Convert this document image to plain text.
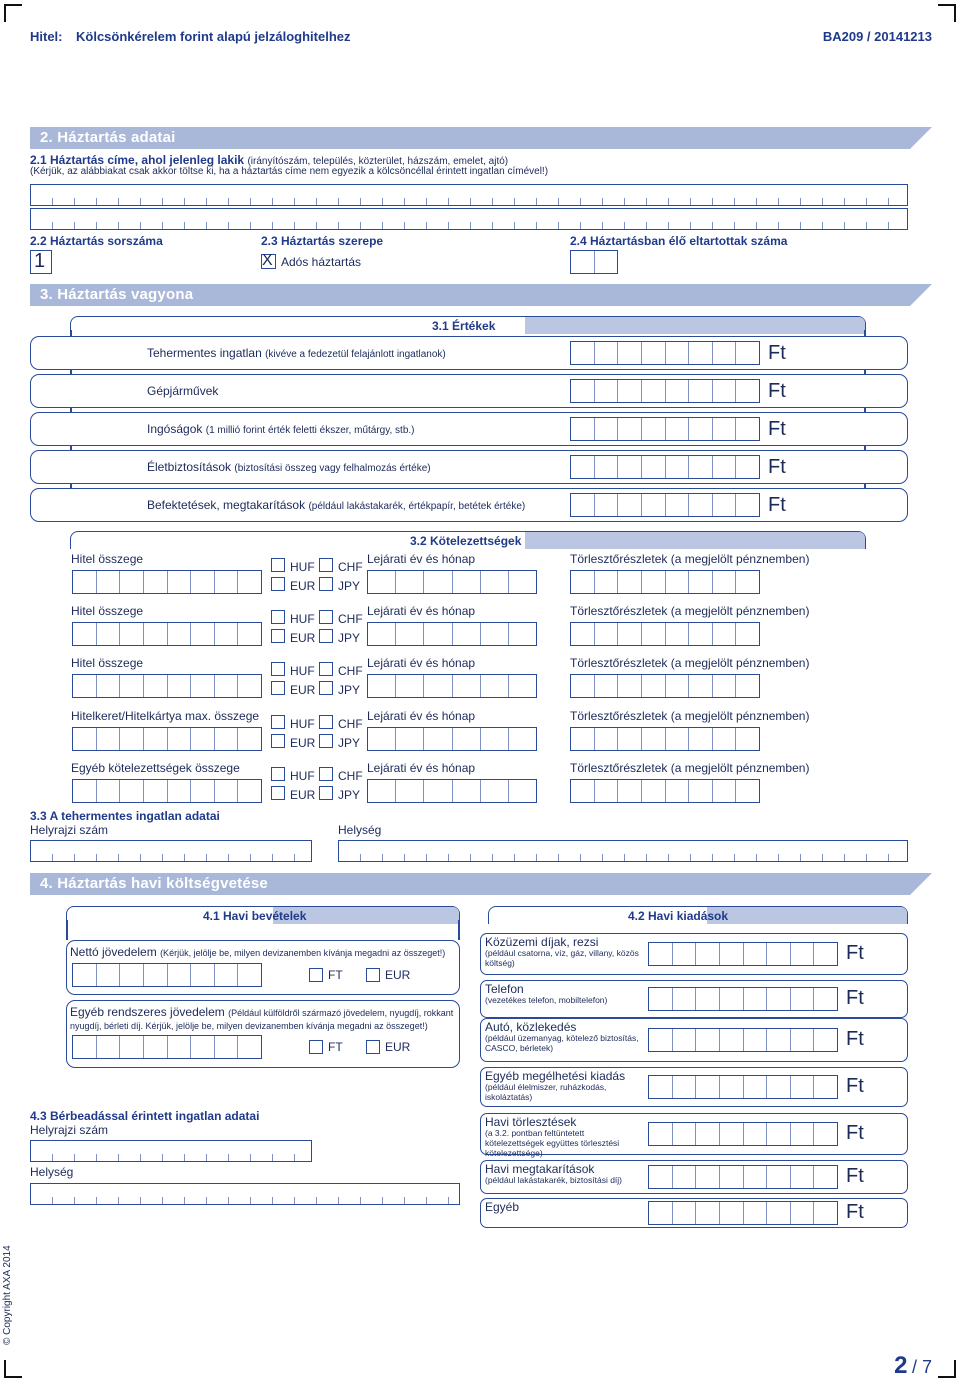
Hitel: Kölcsönkérelem forint alapú jelzáloghitelhez	BA209 / 20141213
2. Háztartás adatai
2.1 Háztartás címe, ahol jelenleg lakik (irányítószám, település, közterület, házszám, emelet, ajtó)
(Kérjük, az alábbiakat csak akkor töltse ki, ha a háztartás címe nem egyezik a kölcsöncéllal érintett ingatlan címével!)
2.2 Háztartás sorszáma
1
2.3 Háztartás szerepe
X Adós háztartás
2.4 Háztartásban élő eltartottak száma
3. Háztartás vagyona
3.1 Értékek
Tehermentes ingatlan (kivéve a fedezetül felajánlott ingatlanok)	Ft
Gépjárművek	Ft
Ingóságok (1 millió forint érték feletti ékszer, műtárgy, stb.)	Ft
Életbiztosítások (biztosítási összeg vagy felhalmozás értéke)	Ft
Befektetések, megtakarítások (például lakástakarék, értékpapír, betétek értéke)	Ft
3.2 Kötelezettségek
Hitel összege
HUF CHF
EUR JPY
Lejárati év és hónap	Törlesztőrészletek (a megjelölt pénznemben)
Hitel összege
HUF CHF
EUR JPY
Lejárati év és hónap	Törlesztőrészletek (a megjelölt pénznemben)
Hitel összege
HUF CHF
EUR JPY
Lejárati év és hónap	Törlesztőrészletek (a megjelölt pénznemben)
Hitelkeret/Hitelkártya max. összege
HUF CHF
EUR JPY
Lejárati év és hónap	Törlesztőrészletek (a megjelölt pénznemben)
Egyéb kötelezettségek összege
HUF CHF
EUR JPY
Lejárati év és hónap	Törlesztőrészletek (a megjelölt pénznemben)
3.3 A tehermentes ingatlan adatai
Helyrajzi szám	Helység
4. Háztartás havi költségvetése
4.1 Havi bevételek
Nettó jövedelem (Kérjük, jelölje be, milyen devizanemben kívánja megadni az összeget!)
FT	EUR
Egyéb rendszeres jövedelem (Például külföldről származó jövedelem, nyugdíj, rokkant
nyugdíj, bérleti díj. Kérjük, jelölje be, milyen devizanemben kívánja megadni az összeget!)
FT	EUR
4.3 Bérbeadással érintett ingatlan adatai
Helyrajzi szám
Helység
4.2 Havi kiadások
Közüzemi díjak, rezsi
(például csatorna, víz, gáz, villany, közös költség)	Ft
Telefon
(vezetékes telefon, mobiltelefon)	Ft
Autó, közlekedés
(például üzemanyag, kötelező biztosítás, CASCO, bérletek)	Ft
Egyéb megélhetési kiadás
(például élelmiszer, ruházkodás, iskoláztatás)	Ft
Havi törlesztések
(a 3.2. pontban feltüntetett kötelezettségek együttes törlesztési kötelezettsége)
Ft
Havi megtakarítások
(például lakástakarék, biztosítási díj)	Ft
Egyéb	Ft
© Copyright AXA 2014
2 / 7
